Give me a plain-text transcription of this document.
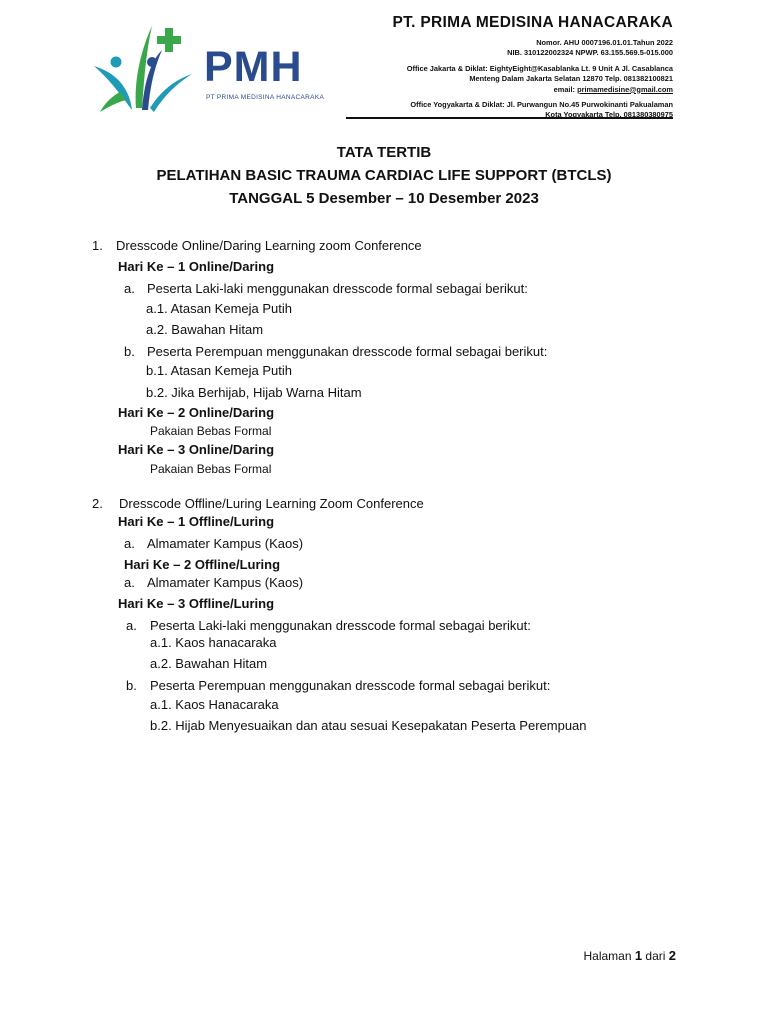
PMH
PT PRIMA MEDISINA HANACARAKA
PT. PRIMA MEDISINA HANACARAKA
Nomor. AHU 0007196.01.01.Tahun 2022
NIB. 310122002324 NPWP. 63.155.569.5-015.000
Office Jakarta & Diklat: EightyEight@Kasablanka Lt. 9 Unit A Jl. Casablanca
Menteng Dalam Jakarta Selatan 12870 Telp. 081382100821
email: primamedisine@gmail.com
Office Yogyakarta & Diklat: Jl. Purwangun No.45 Purwokinanti Pakualaman
Kota Yogyakarta Telp. 081380380975
TATA TERTIB
PELATIHAN BASIC TRAUMA CARDIAC LIFE SUPPORT (BTCLS)
TANGGAL 5 Desember – 10 Desember 2023
1. Dresscode Online/Daring Learning zoom Conference
Hari Ke – 1 Online/Daring
a. Peserta Laki-laki menggunakan dresscode formal sebagai berikut:
a.1. Atasan Kemeja Putih
a.2. Bawahan Hitam
b. Peserta Perempuan menggunakan dresscode formal sebagai berikut:
b.1. Atasan Kemeja Putih
b.2. Jika Berhijab, Hijab Warna Hitam
Hari Ke – 2 Online/Daring
Pakaian Bebas Formal
Hari Ke – 3 Online/Daring
Pakaian Bebas Formal
2. Dresscode Offline/Luring Learning Zoom Conference
Hari Ke – 1 Offline/Luring
a. Almamater Kampus (Kaos)
Hari Ke – 2 Offline/Luring
a. Almamater Kampus (Kaos)
Hari Ke – 3 Offline/Luring
a. Peserta Laki-laki menggunakan dresscode formal sebagai berikut:
a.1. Kaos hanacaraka
a.2. Bawahan Hitam
b. Peserta Perempuan menggunakan dresscode formal sebagai berikut:
a.1. Kaos Hanacaraka
b.2. Hijab Menyesuaikan dan atau sesuai Kesepakatan Peserta Perempuan
Halaman 1 dari 2
